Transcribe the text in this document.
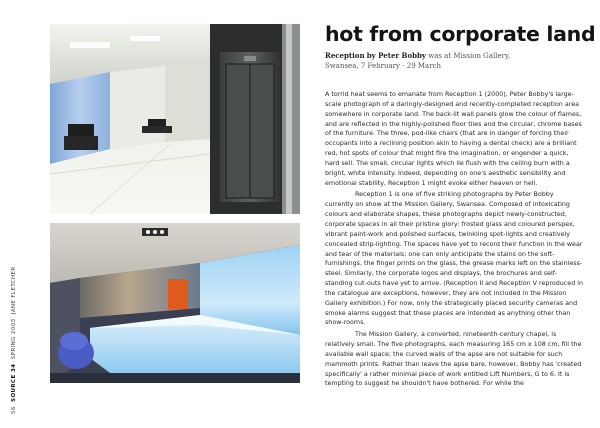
56  SOURCE 34  SPRING 2003  JANE FLETCHER
hot from corporate land
Reception by Peter Bobby was at Mission Gallery,
Swansea, 7 February - 29 March

A torrid heat seems to emanate from Reception 1 (2000), Peter Bobby's large-scale photograph of a daringly-designed and recently-completed reception area somewhere in corporate land. The back-lit wall panels glow the colour of flames, and are reflected in the highly-polished floor tiles and the circular, chrome bases of the furniture. The three, pod-like chairs (that are in danger of forcing their occupants into a reclining position akin to having a dental check) are a brilliant red, hot spots of colour that might fire the imagination, or engender a quick, hard sell. The small, circular lights which lie flush with the ceiling burn with a bright, white intensity. Indeed, depending on one's aesthetic sensibility and emotional stability, Reception 1 might evoke either heaven or hell.

Reception 1 is one of five striking photographs by Peter Bobby currently on show at the Mission Gallery, Swansea. Composed of intoxicating colours and elaborate shapes, these photographs depict newly-constructed, corporate spaces in all their pristine glory: frosted glass and coloured perspex, vibrant paint-work and polished surfaces, twinkling spot-lights and creatively concealed strip-lighting. The spaces have yet to record their function in the wear and tear of the materials; one can only anticipate the stains on the soft-furnishings, the finger prints on the glass, the grease marks left on the stainless-steel. Similarly, the corporate logos and displays, the brochures and self-standing cut-outs have yet to arrive. (Reception II and Reception V reproduced in the catalogue are exceptions, however, they are not included in the Mission Gallery exhibition.) For now, only the strategically placed security cameras and smoke alarms suggest that these places are intended as anything other than show-rooms.

The Mission Gallery, a converted, nineteenth-century chapel, is relatively small. The five photographs, each measuring 165 cm x 108 cm, fill the available wall space; the curved walls of the apse are not suitable for such mammoth prints. Rather than leave the apse bare, however, Bobby has 'created specifically' a rather minimal piece of work entitled Lift Numbers, G to 6. It is tempting to suggest he shouldn't have bothered. For while the
